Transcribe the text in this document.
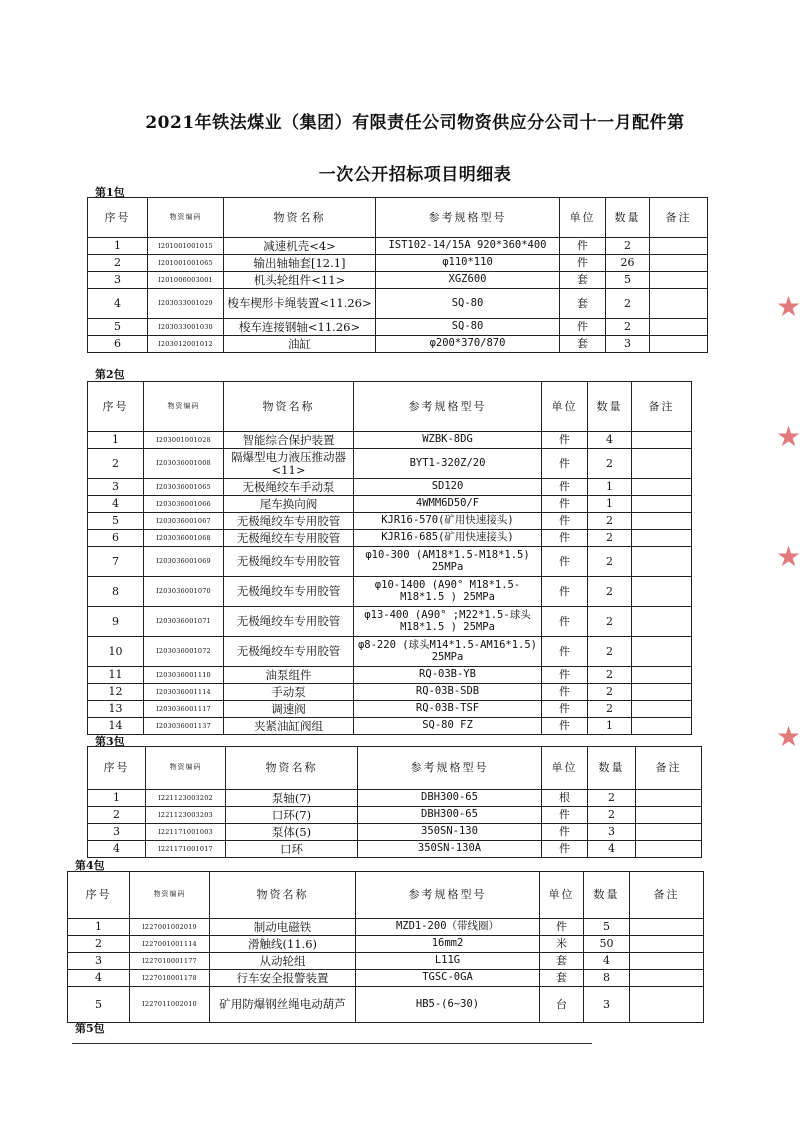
2021年铁法煤业（集团）有限责任公司物资供应分公司十一月配件第
一次公开招标项目明细表
第1包
序号	物资编码	物资名称	参考规格型号	单位	数量	备注
1	I201001001015	减速机壳<4>	IST102-14/15A 920*360*400	件	2	
2	I201001001065	输出轴轴套[12.1]	φ110*110	件	26	
3	I201006003001	机头轮组件<11>	XGZ600	套	5	
4	I203033001029	梭车楔形卡绳装置<11.26>	SQ-80	套	2	
5	I203033001030	梭车连接钢轴<11.26>	SQ-80	件	2	
6	I203012001012	油缸	φ200*370/870	套	3	
第2包
序号	物资编码	物资名称	参考规格型号	单位	数量	备注
1	I203001001028	智能综合保护装置	WZBK-8DG	件	4	
2	I203036001008	隔爆型电力液压推动器<11>	BYT1-320Z/20	件	2	
3	I203036001065	无极绳绞车手动泵	SD120	件	1	
4	I203036001066	尾车换向阀	4WMM6D50/F	件	1	
5	I203036001067	无极绳绞车专用胶管	KJR16-570(矿用快速接头)	件	2	
6	I203036001068	无极绳绞车专用胶管	KJR16-685(矿用快速接头)	件	2	
7	I203036001069	无极绳绞车专用胶管	φ10-300 (AM18*1.5-M18*1.5) 25MPa	件	2	
8	I203036001070	无极绳绞车专用胶管	φ10-1400 (A90° M18*1.5-M18*1.5 ) 25MPa	件	2	
9	I203036001071	无极绳绞车专用胶管	φ13-400 (A90° ;M22*1.5-球头M18*1.5 ) 25MPa	件	2	
10	I203036001072	无极绳绞车专用胶管	φ8-220 (球头M14*1.5-AM16*1.5) 25MPa	件	2	
11	I203036001110	油泵组件	RQ-03B-YB	件	2	
12	I203036001114	手动泵	RQ-03B-SDB	件	2	
13	I203036001117	调速阀	RQ-03B-TSF	件	2	
14	I203036001137	夹紧油缸阀组	SQ-80 FZ	件	1	
第3包
序号	物资编码	物资名称	参考规格型号	单位	数量	备注
1	I221123003202	泵轴(7)	DBH300-65	根	2	
2	I221123003203	口环(7)	DBH300-65	件	2	
3	I221171001003	泵体(5)	350SN-130	件	3	
4	I221171001017	口环	350SN-130A	件	4	
第4包
序号	物资编码	物资名称	参考规格型号	单位	数量	备注
1	I227001002019	制动电磁铁	MZD1-200（带线圈）	件	5	
2	I227001001114	滑触线(11.6)	16mm2	米	50	
3	I227010001177	从动轮组	L11G	套	4	
4	I227010001178	行车安全报警装置	TGSC-0GA	套	8	
5	I227011002010	矿用防爆钢丝绳电动葫芦	HB5-(6~30)	台	3	
第5包
★
★
★
★
